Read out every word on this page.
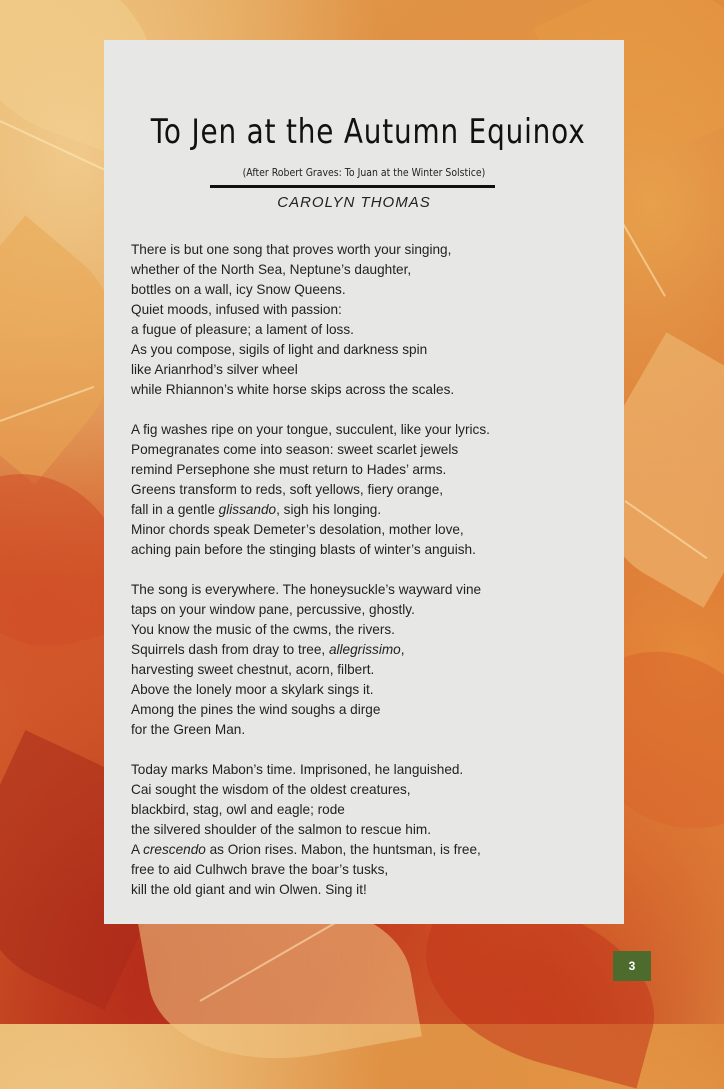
To Jen at the Autumn Equinox
(After Robert Graves: To Juan at the Winter Solstice)
CAROLYN THOMAS
There is but one song that proves worth your singing,
whether of the North Sea, Neptune’s daughter,
bottles on a wall, icy Snow Queens.
Quiet moods, infused with passion:
a fugue of pleasure; a lament of loss.
As you compose, sigils of light and darkness spin
like Arianrhod’s silver wheel
while Rhiannon’s white horse skips across the scales.
A fig washes ripe on your tongue, succulent, like your lyrics.
Pomegranates come into season: sweet scarlet jewels
remind Persephone she must return to Hades’ arms.
Greens transform to reds, soft yellows, fiery orange,
fall in a gentle glissando, sigh his longing.
Minor chords speak Demeter’s desolation, mother love,
aching pain before the stinging blasts of winter’s anguish.
The song is everywhere. The honeysuckle’s wayward vine
taps on your window pane, percussive, ghostly.
You know the music of the cwms, the rivers.
Squirrels dash from dray to tree, allegrissimo,
harvesting sweet chestnut, acorn, filbert.
Above the lonely moor a skylark sings it.
Among the pines the wind soughs a dirge
for the Green Man.
Today marks Mabon’s time. Imprisoned, he languished.
Cai sought the wisdom of the oldest creatures,
blackbird, stag, owl and eagle; rode
the silvered shoulder of the salmon to rescue him.
A crescendo as Orion rises. Mabon, the huntsman, is free,
free to aid Culhwch brave the boar’s tusks,
kill the old giant and win Olwen. Sing it!
3
